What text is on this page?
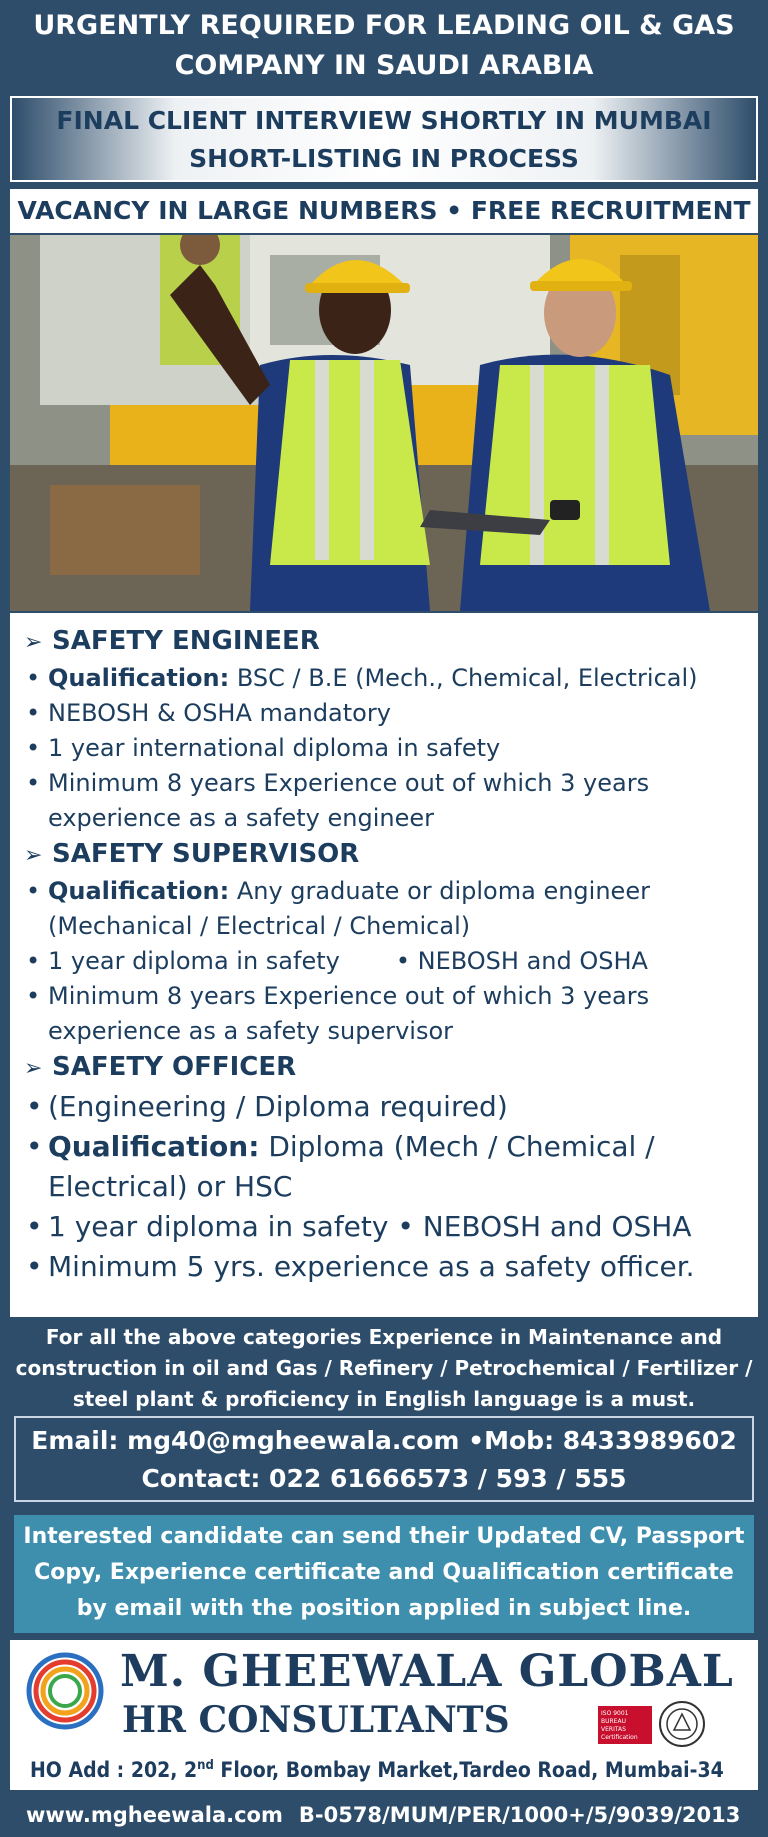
URGENTLY REQUIRED FOR LEADING OIL & GAS
COMPANY IN SAUDI ARABIA
FINAL CLIENT INTERVIEW SHORTLY IN MUMBAI
SHORT-LISTING IN PROCESS
VACANCY IN LARGE NUMBERS • FREE RECRUITMENT
➢ SAFETY ENGINEER
• Qualification: BSC / B.E (Mech., Chemical, Electrical)
• NEBOSH & OSHA mandatory
• 1 year international diploma in safety
• Minimum 8 years Experience out of which 3 years
experience as a safety engineer
➢ SAFETY SUPERVISOR
• Qualification: Any graduate or diploma engineer
(Mechanical / Electrical / Chemical)
• 1 year diploma in safety • NEBOSH and OSHA
• Minimum 8 years Experience out of which 3 years
experience as a safety supervisor
➢ SAFETY OFFICER
• (Engineering / Diploma required)
• Qualification: Diploma (Mech / Chemical /
Electrical) or HSC
• 1 year diploma in safety • NEBOSH and OSHA
• Minimum 5 yrs. experience as a safety officer.
For all the above categories Experience in Maintenance and
construction in oil and Gas / Refinery / Petrochemical / Fertilizer /
steel plant & proficiency in English language is a must.
Email: mg40@mgheewala.com •Mob: 8433989602
Contact: 022 61666573 / 593 / 555
Interested candidate can send their Updated CV, Passport
Copy, Experience certificate and Qualification certificate
by email with the position applied in subject line.
M. GHEEWALA GLOBAL
HR CONSULTANTS	ISO 9001
BUREAU VERITAS
Certification
HO Add : 202, 2nd Floor, Bombay Market,Tardeo Road, Mumbai-34
www.mgheewala.com B-0578/MUM/PER/1000+/5/9039/2013
